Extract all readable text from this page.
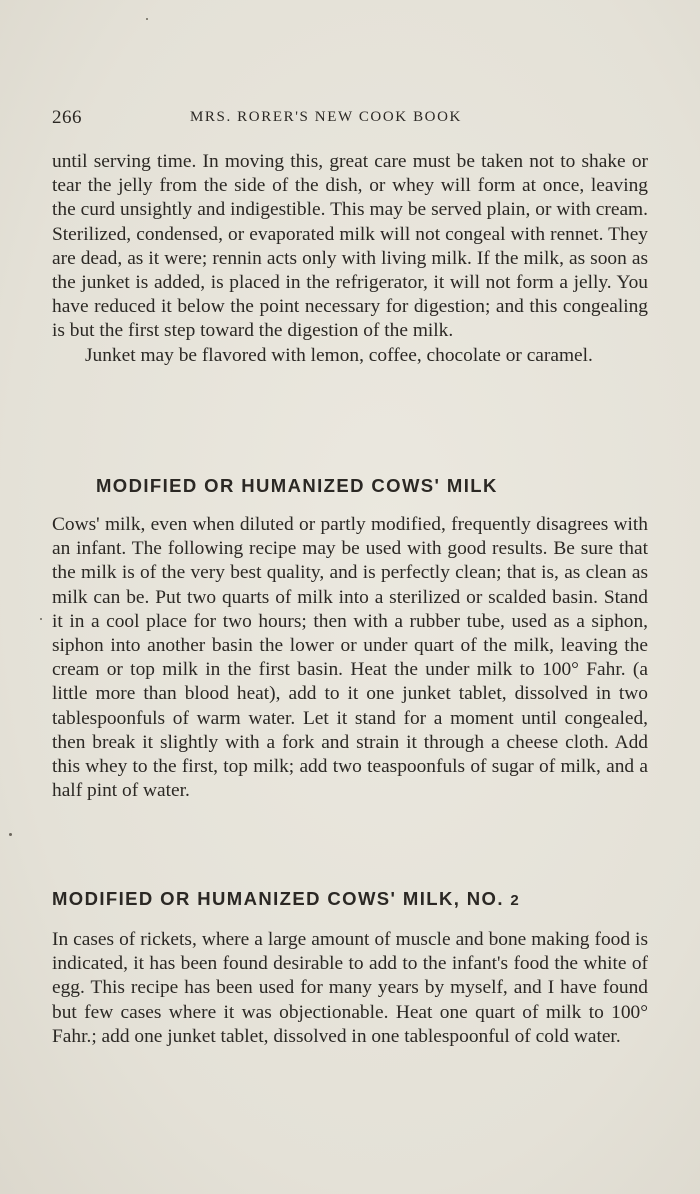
266	MRS. RORER'S NEW COOK BOOK

until serving time. In moving this, great care must be taken not to shake or tear the jelly from the side of the dish, or whey will form at once, leaving the curd unsightly and indigestible. This may be served plain, or with cream. Sterilized, condensed, or evaporated milk will not congeal with rennet. They are dead, as it were; rennin acts only with living milk. If the milk, as soon as the junket is added, is placed in the refrigerator, it will not form a jelly. You have reduced it below the point necessary for digestion; and this congealing is but the first step toward the digestion of the milk.

Junket may be flavored with lemon, coffee, chocolate or caramel.

MODIFIED OR HUMANIZED COWS' MILK

Cows' milk, even when diluted or partly modified, frequently disagrees with an infant. The following recipe may be used with good results. Be sure that the milk is of the very best quality, and is perfectly clean; that is, as clean as milk can be. Put two quarts of milk into a sterilized or scalded basin. Stand it in a cool place for two hours; then with a rubber tube, used as a siphon, siphon into another basin the lower or under quart of the milk, leaving the cream or top milk in the first basin. Heat the under milk to 100° Fahr. (a little more than blood heat), add to it one junket tablet, dissolved in two tablespoonfuls of warm water. Let it stand for a moment until congealed, then break it slightly with a fork and strain it through a cheese cloth. Add this whey to the first, top milk; add two teaspoonfuls of sugar of milk, and a half pint of water.

MODIFIED OR HUMANIZED COWS' MILK, NO. 2

In cases of rickets, where a large amount of muscle and bone making food is indicated, it has been found desirable to add to the infant's food the white of egg. This recipe has been used for many years by myself, and I have found but few cases where it was objectionable. Heat one quart of milk to 100° Fahr.; add one junket tablet, dissolved in one tablespoonful of cold water.
